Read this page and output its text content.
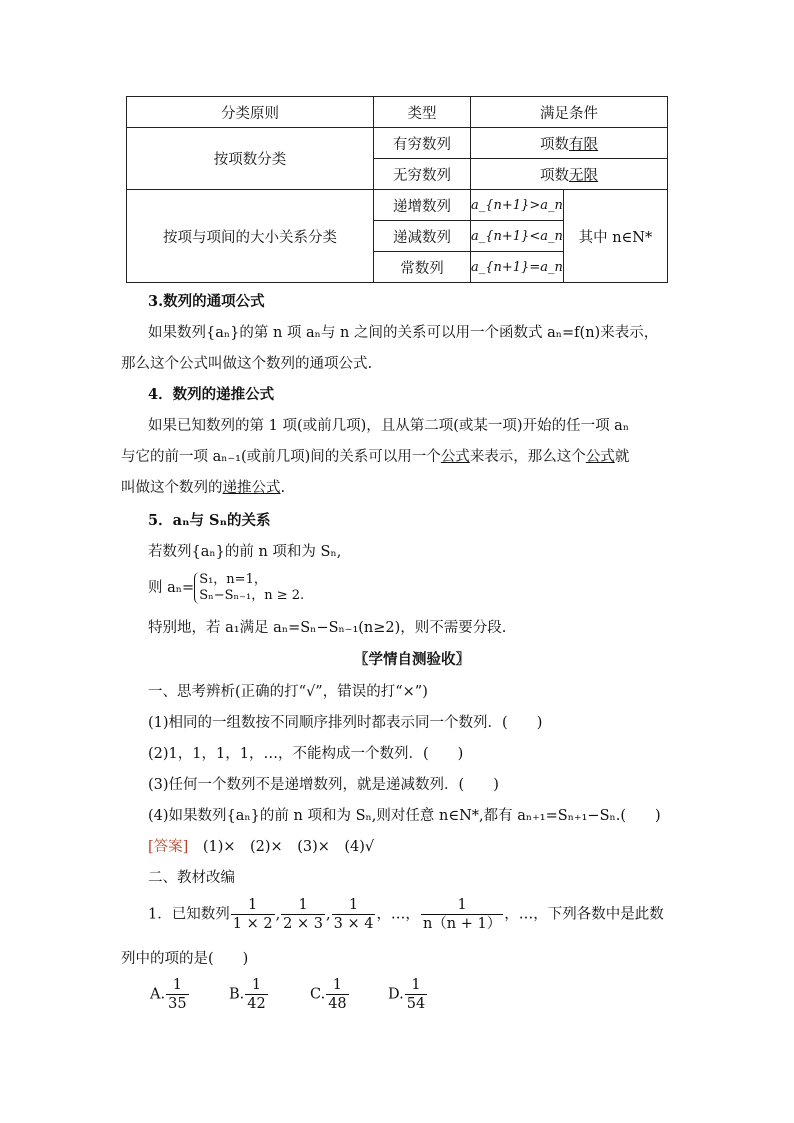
分类原则	类型	满足条件	
按项数分类	有穷数列	项数有限	
	无穷数列	项数无限	
按项与项间的大小关系分类	递增数列	a_{n+1}>a_n	其中 n∈N*
	递减数列	a_{n+1}<a_n	
	常数列	a_{n+1}=a_n	
3.数列的通项公式
如果数列{aₙ}的第 n 项 aₙ与 n 之间的关系可以用一个函数式 aₙ=f(n)来表示，
那么这个公式叫做这个数列的通项公式.
4．数列的递推公式
如果已知数列的第 1 项(或前几项)，且从第二项(或某一项)开始的任一项 aₙ
与它的前一项 aₙ₋₁(或前几项)间的关系可以用一个公式来表示，那么这个公式就
叫做这个数列的递推公式.
5．aₙ与 Sₙ的关系
若数列{aₙ}的前 n 项和为 Sₙ,
则 aₙ=S₁，n=1，
Sₙ−Sₙ₋₁，n ≥ 2.
特别地，若 a₁满足 aₙ=Sₙ−Sₙ₋₁(n≥2)，则不需要分段.
〖学情自测验收〗
一、思考辨析(正确的打“√”，错误的打“×”)
(1)相同的一组数按不同顺序排列时都表示同一个数列．(　　)
(2)1，1，1，1，…，不能构成一个数列．(　　)
(3)任何一个数列不是递增数列，就是递减数列．(　　)
(4)如果数列{aₙ}的前 n 项和为 Sₙ,则对任意 n∈N*,都有 aₙ₊₁=Sₙ₊₁−Sₙ.(　　)
[答案]　 (1)×　(2)×　(3)×　(4)√
二、教材改编
1．已知数列 $\frac{1}{1 \times 2}$ , $\frac{1}{2 \times 3}$ , $\frac{1}{3 \times 4}$ ，…， $\frac{1}{n(n + 1)}$ ，…，下列各数中是此数
列中的项的是(　　)
A. $\frac{1}{35}$	B. $\frac{1}{42}$	C. $\frac{1}{48}$	D. $\frac{1}{54}$
